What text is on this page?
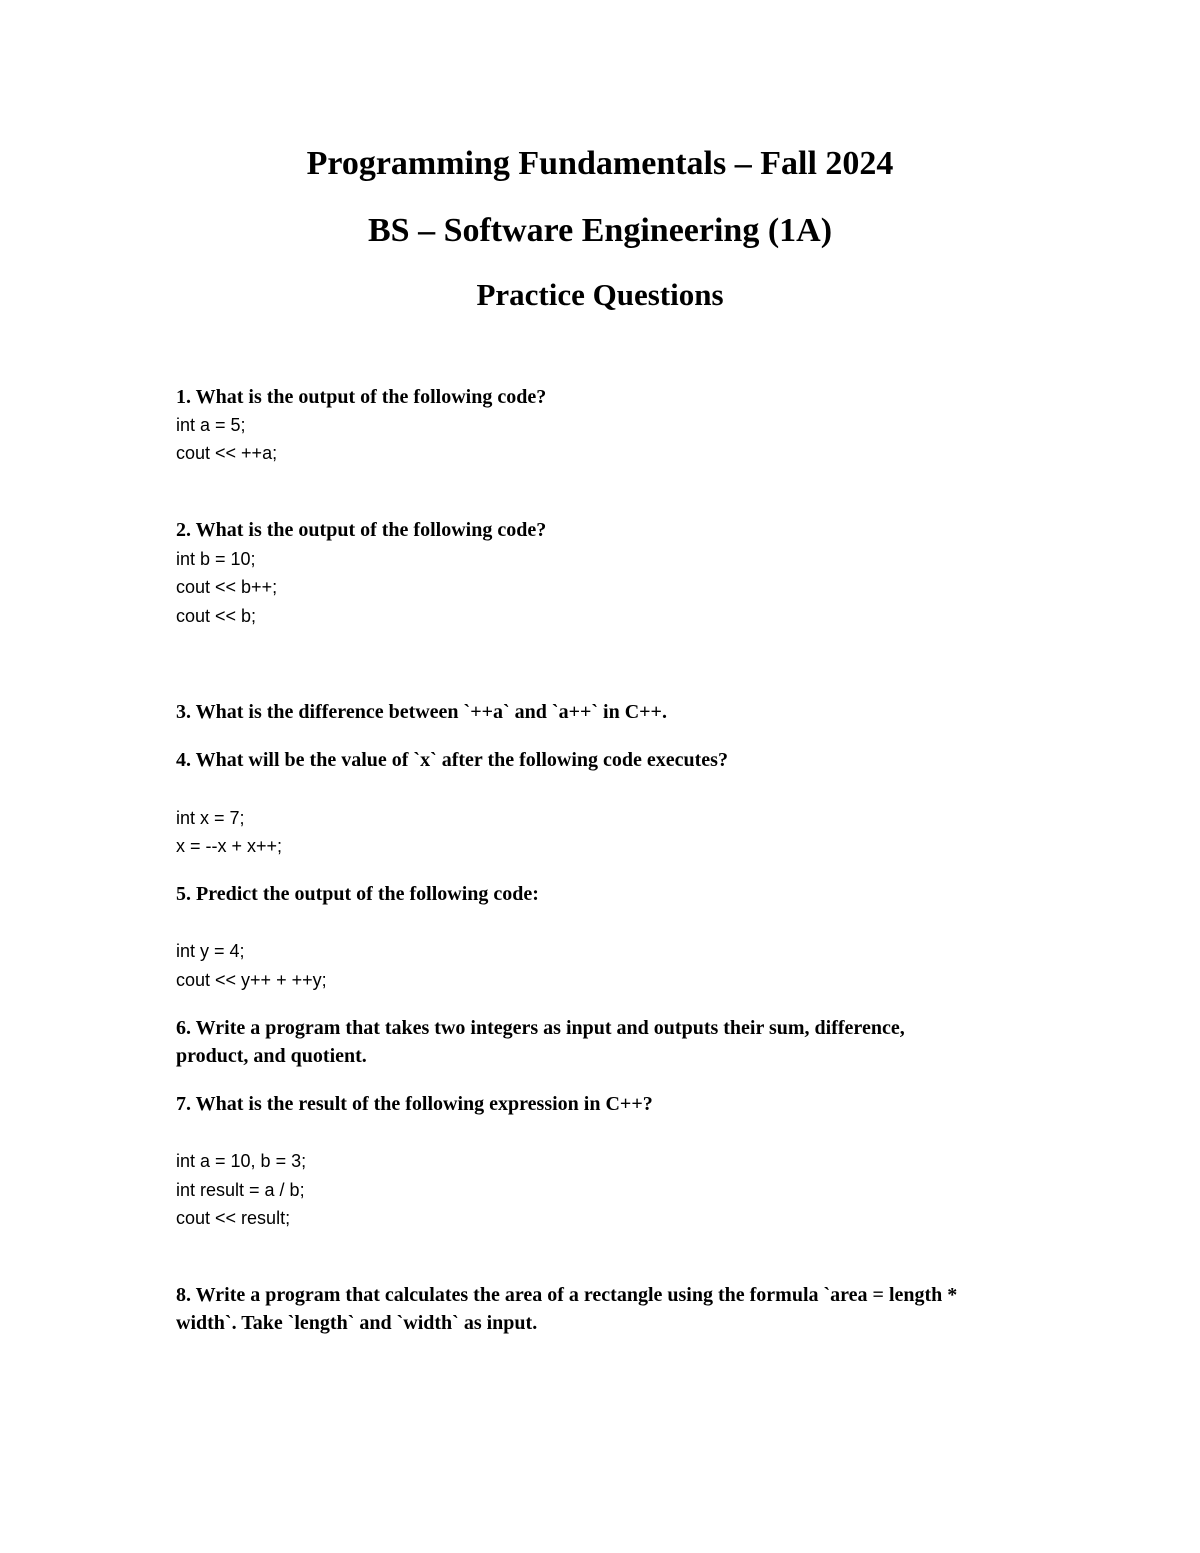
Programming Fundamentals – Fall 2024
BS – Software Engineering (1A)
Practice Questions
1. What is the output of the following code?
int a = 5;
cout << ++a;
2. What is the output of the following code?
int b = 10;
cout << b++;
cout << b;
3. What is the difference between `++a` and `a++` in C++.
4. What will be the value of `x` after the following code executes?
int x = 7;
x = --x + x++;
5. Predict the output of the following code:
int y = 4;
cout << y++ + ++y;
6. Write a program that takes two integers as input and outputs their sum, difference,
product, and quotient.
7. What is the result of the following expression in C++?
int a = 10, b = 3;
int result = a / b;
cout << result;
8. Write a program that calculates the area of a rectangle using the formula `area = length *
width`. Take `length` and `width` as input.
